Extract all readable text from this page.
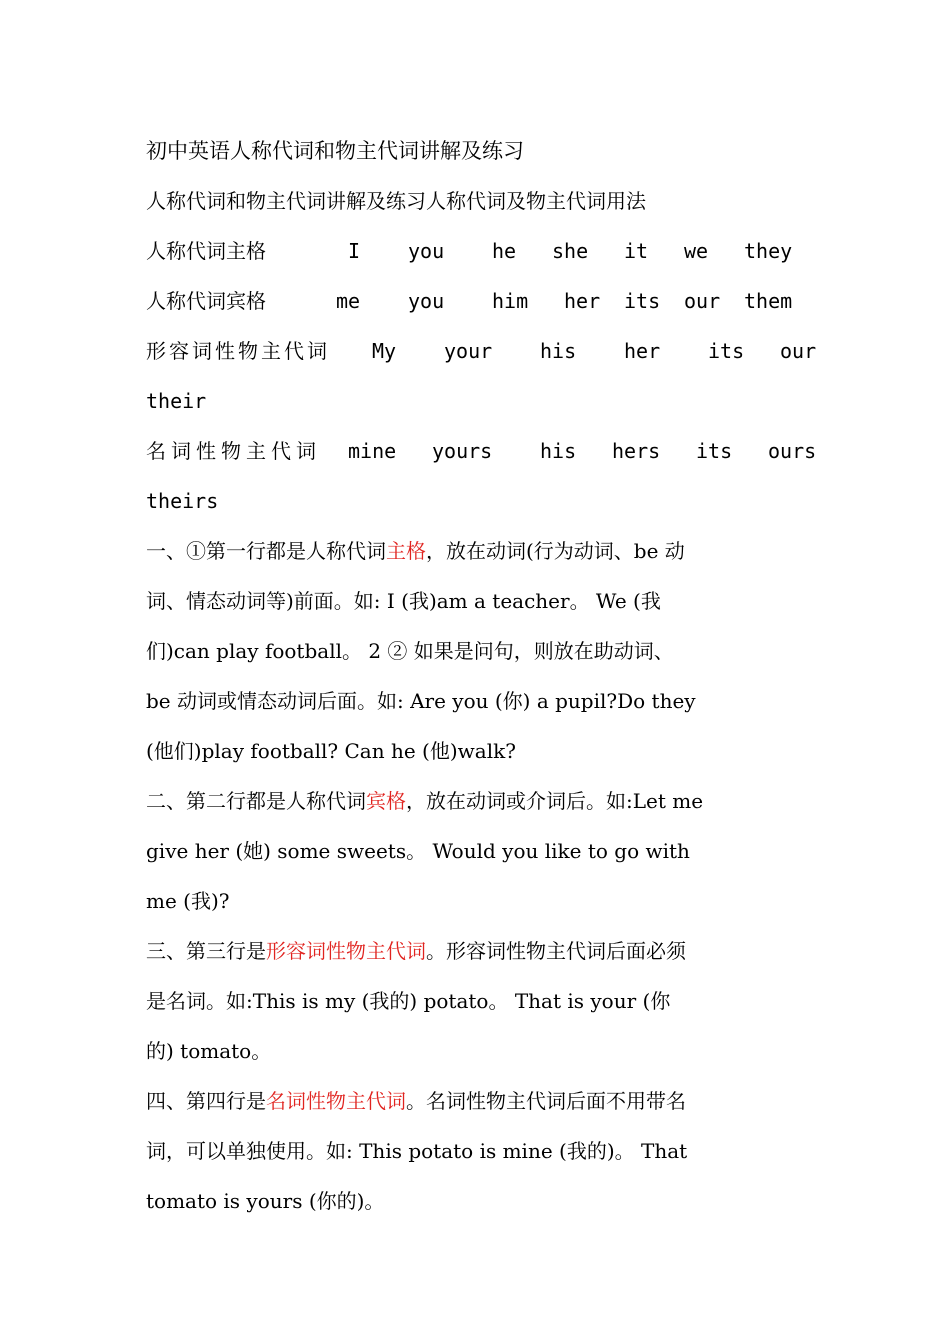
初中英语人称代词和物主代词讲解及练习
人称代词和物主代词讲解及练习人称代词及物主代词用法
人称代词主格	I you he she it we they
人称代词宾格	me you him her its our them
形容词性物主代词 My your his her its our
their
名词性物主代词 mine yours his hers its ours
theirs
一、①第一行都是人称代词主格，放在动词(行为动词、be 动
词、情态动词等)前面。如: I (我)am a teacher。 We (我
们)can play football。 2 ② 如果是问句，则放在助动词、
be 动词或情态动词后面。如: Are you (你) a pupil?Do they
(他们)play football? Can he (他)walk?
二、第二行都是人称代词宾格，放在动词或介词后。如:Let me
give her (她) some sweets。 Would you like to go with
me (我)?
三、第三行是形容词性物主代词。形容词性物主代词后面必须
是名词。如:This is my (我的) potato。 That is your (你
的) tomato。
四、第四行是名词性物主代词。名词性物主代词后面不用带名
词，可以单独使用。如: This potato is mine (我的)。 That
tomato is yours (你的)。
